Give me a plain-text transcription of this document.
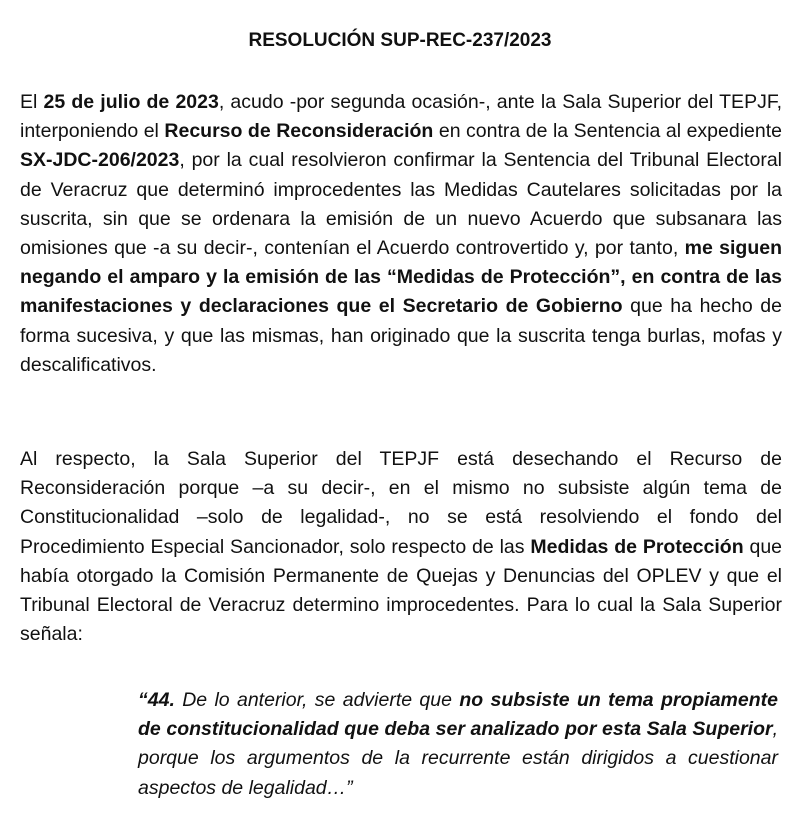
RESOLUCIÓN SUP-REC-237/2023

El 25 de julio de 2023, acudo -por segunda ocasión-, ante la Sala Superior del TEPJF, interponiendo el Recurso de Reconsideración en contra de la Sentencia al expediente SX-JDC-206/2023, por la cual resolvieron confirmar la Sentencia del Tribunal Electoral de Veracruz que determinó improcedentes las Medidas Cautelares solicitadas por la suscrita, sin que se ordenara la emisión de un nuevo Acuerdo que subsanara las omisiones que -a su decir-, contenían el Acuerdo controvertido y, por tanto, me siguen negando el amparo y la emisión de las “Medidas de Protección”, en contra de las manifestaciones y declaraciones que el Secretario de Gobierno que ha hecho de forma sucesiva, y que las mismas, han originado que la suscrita tenga burlas, mofas y descalificativos.

Al respecto, la Sala Superior del TEPJF está desechando el Recurso de Reconsideración porque –a su decir-, en el mismo no subsiste algún tema de Constitucionalidad –solo de legalidad-, no se está resolviendo el fondo del Procedimiento Especial Sancionador, solo respecto de las Medidas de Protección que había otorgado la Comisión Permanente de Quejas y Denuncias del OPLEV y que el Tribunal Electoral de Veracruz determino improcedentes. Para lo cual la Sala Superior señala:

“44. De lo anterior, se advierte que no subsiste un tema propiamente de constitucionalidad que deba ser analizado por esta Sala Superior, porque los argumentos de la recurrente están dirigidos a cuestionar aspectos de legalidad…”
